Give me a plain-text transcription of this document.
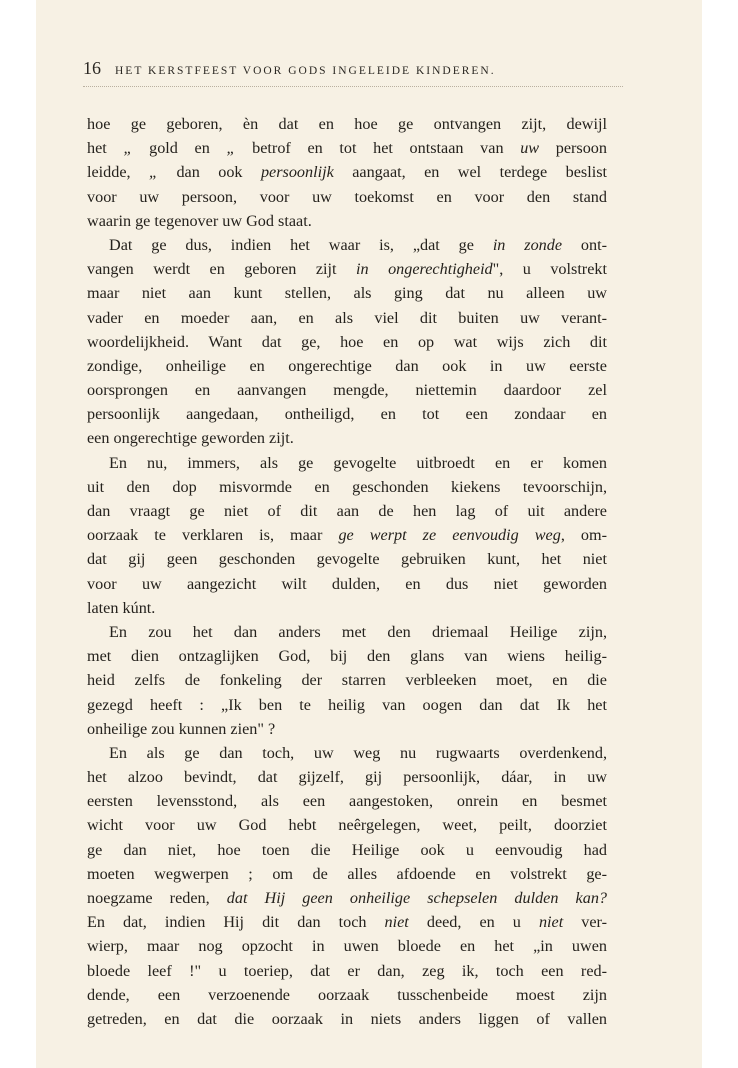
16 HET KERSTFEEST VOOR GODS INGELEIDE KINDEREN.
hoe ge geboren, èn dat en hoe ge ontvangen zijt, dewijl
het „ gold en „ betrof en tot het ontstaan van uw persoon
leidde, „ dan ook persoonlijk aangaat, en wel terdege beslist
voor uw persoon, voor uw toekomst en voor den stand
waarin ge tegenover uw God staat.
Dat ge dus, indien het waar is, „dat ge in zonde ont-
vangen werdt en geboren zijt in ongerechtigheid", u volstrekt
maar niet aan kunt stellen, als ging dat nu alleen uw
vader en moeder aan, en als viel dit buiten uw verant-
woordelijkheid. Want dat ge, hoe en op wat wijs zich dit
zondige, onheilige en ongerechtige dan ook in uw eerste
oorsprongen en aanvangen mengde, niettemin daardoor zel
persoonlijk aangedaan, ontheiligd, en tot een zondaar en
een ongerechtige geworden zijt.
En nu, immers, als ge gevogelte uitbroedt en er komen
uit den dop misvormde en geschonden kiekens tevoorschijn,
dan vraagt ge niet of dit aan de hen lag of uit andere
oorzaak te verklaren is, maar ge werpt ze eenvoudig weg, om-
dat gij geen geschonden gevogelte gebruiken kunt, het niet
voor uw aangezicht wilt dulden, en dus niet geworden
laten kúnt.
En zou het dan anders met den driemaal Heilige zijn,
met dien ontzaglijken God, bij den glans van wiens heilig-
heid zelfs de fonkeling der starren verbleeken moet, en die
gezegd heeft : „Ik ben te heilig van oogen dan dat Ik het
onheilige zou kunnen zien" ?
En als ge dan toch, uw weg nu rugwaarts overdenkend,
het alzoo bevindt, dat gijzelf, gij persoonlijk, dáar, in uw
eersten levensstond, als een aangestoken, onrein en besmet
wicht voor uw God hebt neêrgelegen, weet, peilt, doorziet
ge dan niet, hoe toen die Heilige ook u eenvoudig had
moeten wegwerpen ; om de alles afdoende en volstrekt ge-
noegzame reden, dat Hij geen onheilige schepselen dulden kan?
En dat, indien Hij dit dan toch niet deed, en u niet ver-
wierp, maar nog opzocht in uwen bloede en het „in uwen
bloede leef !" u toeriep, dat er dan, zeg ik, toch een red-
dende, een verzoenende oorzaak tusschenbeide moest zijn
getreden, en dat die oorzaak in niets anders liggen of vallen
